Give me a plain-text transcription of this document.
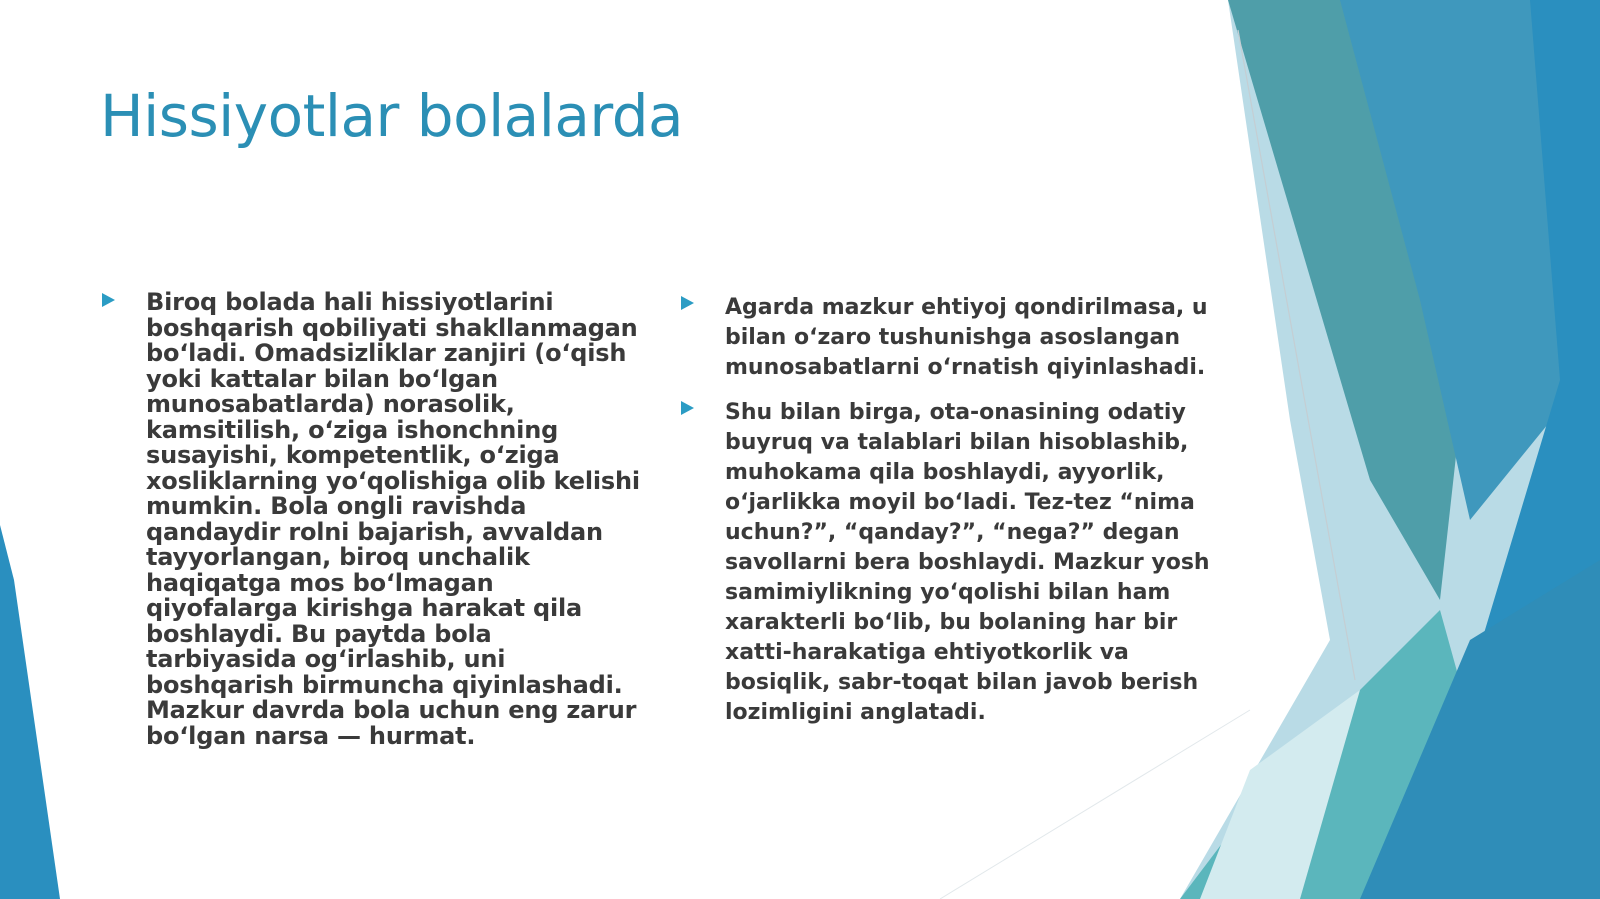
Hissiyotlar bolalarda
Biroq bolada hali hissiyotlarini boshqarish qobiliyati shakllanmagan bo‘ladi. Omadsizliklar zanjiri (o‘qish yoki kattalar bilan bo‘lgan munosabatlarda) norasolik, kamsitilish, o‘ziga ishonchning susayishi, kompetentlik, o‘ziga xosliklarning yo‘qolishiga olib kelishi mumkin. Bola ongli ravishda qandaydir rolni bajarish, avvaldan tayyorlangan, biroq unchalik haqiqatga mos bo‘lmagan qiyofalarga kirishga harakat qila boshlaydi. Bu paytda bola tarbiyasida og‘irlashib, uni boshqarish birmuncha qiyinlashadi. Mazkur davrda bola uchun eng zarur bo‘lgan narsa — hurmat.
Agarda mazkur ehtiyoj qondirilmasa, u bilan o‘zaro tushunishga asoslangan munosabatlarni o‘rnatish qiyinlashadi.
Shu bilan birga, ota-onasining odatiy buyruq va talablari bilan hisoblashib, muhokama qila boshlaydi, ayyorlik, o‘jarlikka moyil bo‘ladi. Tez-tez “nima uchun?”, “qanday?”, “nega?” degan savollarni bera boshlaydi. Mazkur yosh samimiylikning yo‘qolishi bilan ham xarakterli bo‘lib, bu bolaning har bir xatti-harakatiga ehtiyotkorlik va bosiqlik, sabr-toqat bilan javob berish lozimligini anglatadi.
